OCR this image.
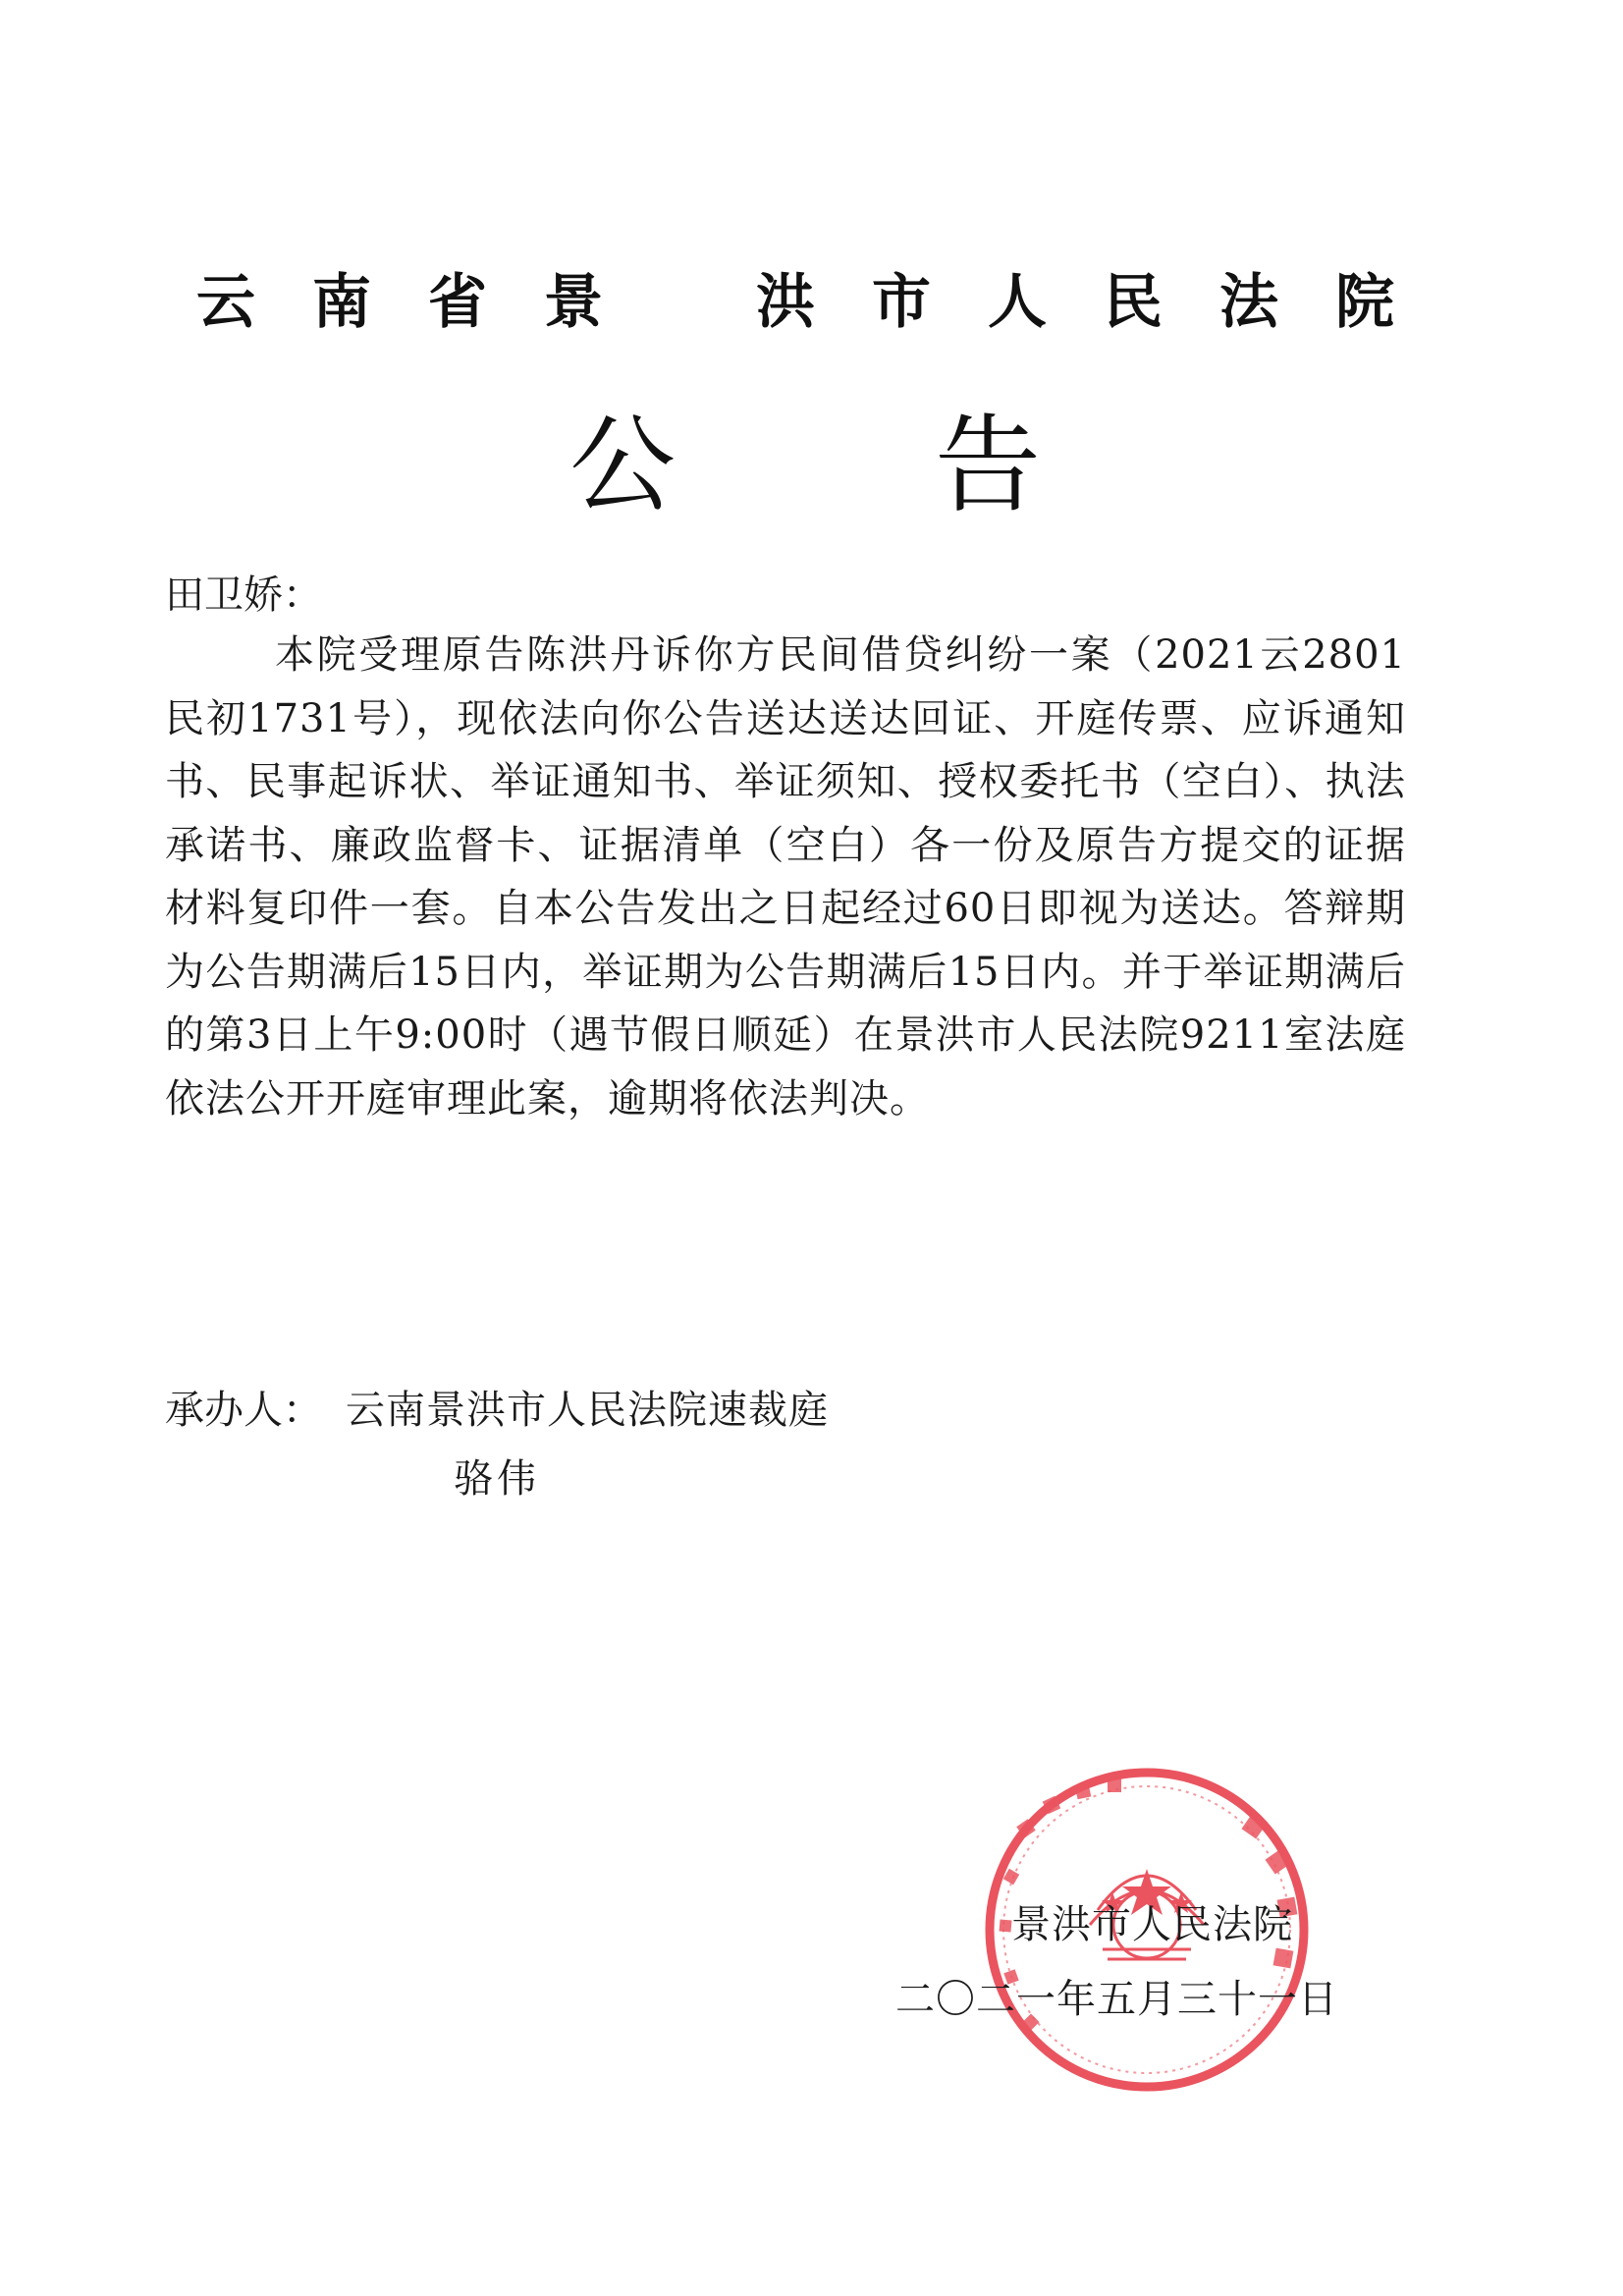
云 南 省 景	洪 市 人 民 法 院
公 告
田卫娇：

本院受理原告陈洪丹诉你方民间借贷纠纷一案（2021云2801民初1731号），现依法向你公告送达送达回证、开庭传票、应诉通知书、民事起诉状、举证通知书、举证须知、授权委托书（空白）、执法承诺书、廉政监督卡、证据清单（空白）各一份及原告方提交的证据材料复印件一套。自本公告发出之日起经过60日即视为送达。答辩期为公告期满后15日内，举证期为公告期满后15日内。并于举证期满后的第3日上午9:00时（遇节假日顺延）在景洪市人民法院9211室法庭依法公开开庭审理此案，逾期将依法判决。

承办人： 云南景洪市人民法院速裁庭
骆伟
景洪市人民法院
二〇二一年五月三十一日
